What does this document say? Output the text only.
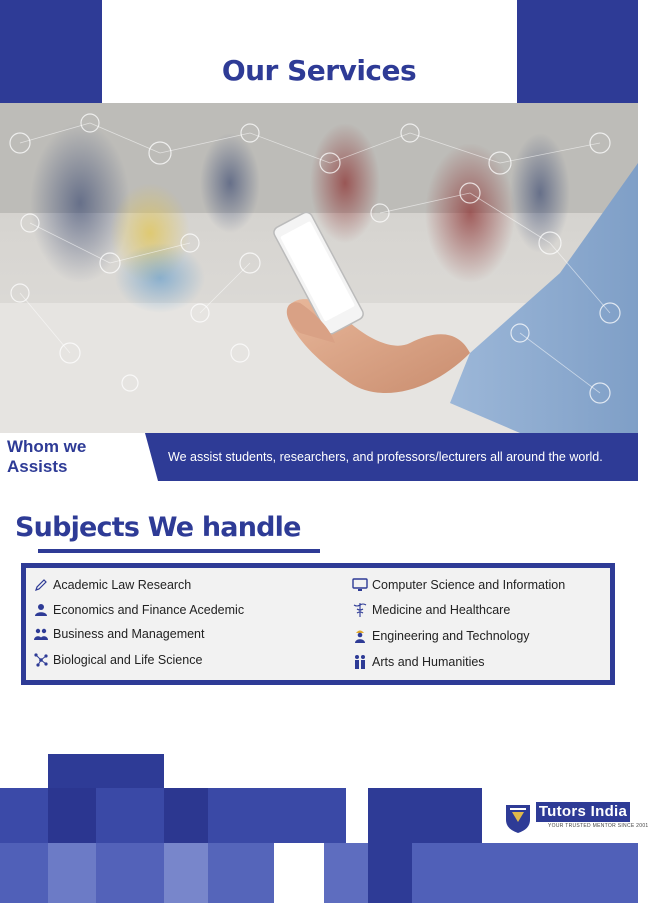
Our Services
Whom we Assists	We assist students, researchers, and professors/lecturers all around the world.
Subjects We handle
Academic Law Research
Economics and Finance Acedemic
Business and Management
Biological and Life Science
Computer Science and Information
Medicine and Healthcare
Engineering and Technology
Arts and Humanities
Tutors India
YOUR TRUSTED MENTOR SINCE 2001
